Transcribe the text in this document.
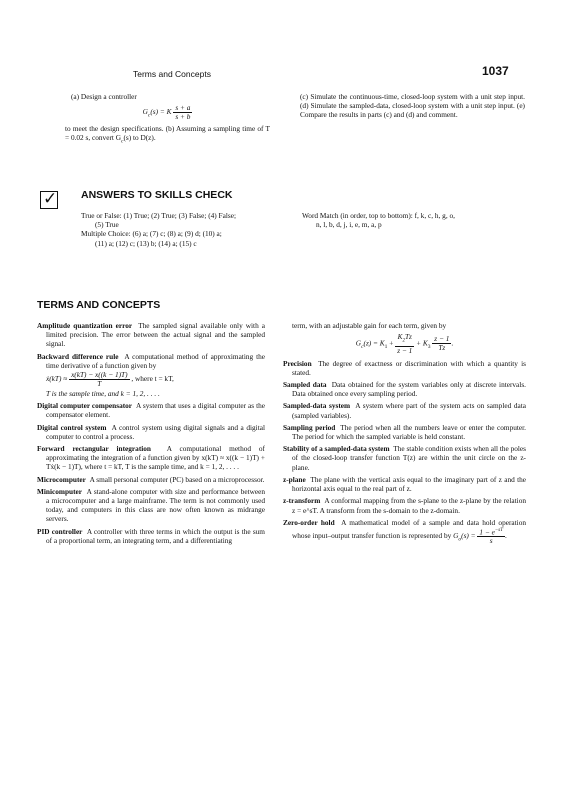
Terms and Concepts	1037

(a) Design a controller

$G_c(s) = K \frac{s + a}{s + b}$

to meet the design specifications. (b) Assuming a sampling time of T = 0.02 s, convert $G_c(s)$ to D(z).

(c) Simulate the continuous-time, closed-loop system with a unit step input. (d) Simulate the sampled-data, closed-loop system with a unit step input. (e) Compare the results in parts (c) and (d) and comment.

✓ ANSWERS TO SKILLS CHECK

True or False: (1) True; (2) True; (3) False; (4) False;

(5) True

Multiple Choice: (6) a; (7) c; (8) a; (9) d; (10) a;

(11) a; (12) c; (13) b; (14) a; (15) c

Word Match (in order, top to bottom): f, k, c, h, g, o,

n, l, b, d, j, i, e, m, a, p

TERMS AND CONCEPTS

Amplitude quantization error The sampled signal available only with a limited precision. The error between the actual signal and the sampled signal.

Backward difference rule A computational method of approximating the time derivative of a function given by

ẋ(kT) ≈ $\frac{x(kT) - x((k - 1)T)}{T}$ , where t = kT,

T is the sample time, and k = 1, 2, . . . .

Digital computer compensator A system that uses a digital computer as the compensator element.

Digital control system A control system using digital signals and a digital computer to control a process.

Forward rectangular integration A computational method of approximating the integration of a function given by x(kT) ≈ x((k − 1)T) + Tẋ(k − 1)T), where t = kT, T is the sample time, and k = 1, 2, . . . .

Microcomputer A small personal computer (PC) based on a microprocessor.

Minicomputer A stand-alone computer with size and performance between a microcomputer and a large mainframe. The term is not commonly used today, and computers in this class are now often known as midrange servers.

PID controller A controller with three terms in which the output is the sum of a proportional term, an integrating term, and a differentiating

term, with an adjustable gain for each term, given by

$G_c(z) = K_1 + \frac{K_2Tz}{z - 1} + K_3 \frac{z - 1}{Tz}$ .

Precision The degree of exactness or discrimination with which a quantity is stated.

Sampled data Data obtained for the system variables only at discrete intervals. Data obtained once every sampling period.

Sampled-data system A system where part of the system acts on sampled data (sampled variables).

Sampling period The period when all the numbers leave or enter the computer. The period for which the sampled variable is held constant.

Stability of a sampled-data system The stable condition exists when all the poles of the closed-loop transfer function T(z) are within the unit circle on the z-plane.

z-plane The plane with the vertical axis equal to the imaginary part of z and the horizontal axis equal to the real part of z.

z-transform A conformal mapping from the s-plane to the z-plane by the relation z = e^sT. A transform from the s-domain to the z-domain.

Zero-order hold A mathematical model of a sample and data hold operation whose input–output transfer function is represented by $G_o(s) = \frac{1 - e^{-sT}}{s}$ .
